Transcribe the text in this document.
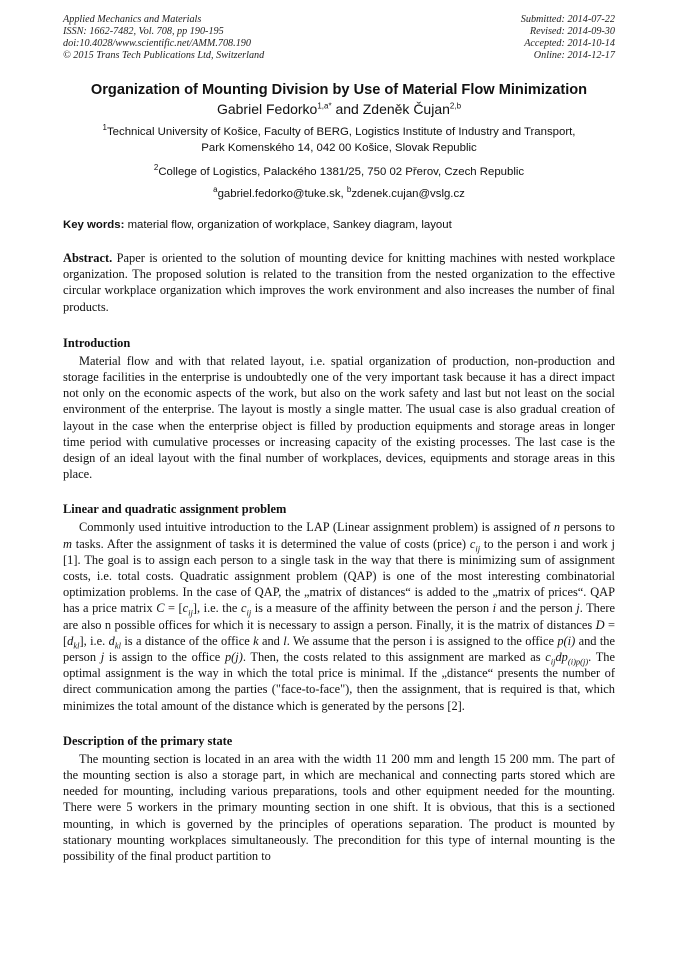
Applied Mechanics and Materials
ISSN: 1662-7482, Vol. 708, pp 190-195
doi:10.4028/www.scientific.net/AMM.708.190
© 2015 Trans Tech Publications Ltd, Switzerland
Submitted: 2014-07-22
Revised: 2014-09-30
Accepted: 2014-10-14
Online: 2014-12-17
Organization of Mounting Division by Use of Material Flow Minimization
Gabriel Fedorko$^{1,a*}$ and Zdeněk Čujan$^{2,b}$
$^1$Technical University of Košice, Faculty of BERG, Logistics Institute of Industry and Transport,
Park Komenského 14, 042 00 Košice, Slovak Republic
$^2$College of Logistics, Palackého 1381/25, 750 02 Přerov, Czech Republic
$^a$gabriel.fedorko@tuke.sk, $^b$zdenek.cujan@vslg.cz
Key words: material flow, organization of workplace, Sankey diagram, layout
Abstract. Paper is oriented to the solution of mounting device for knitting machines with nested workplace organization. The proposed solution is related to the transition from the nested organization to the effective circular workplace organization which improves the work environment and also increases the number of final products.
Introduction

Material flow and with that related layout, i.e. spatial organization of production, non-production and storage facilities in the enterprise is undoubtedly one of the very important task because it has a direct impact not only on the economic aspects of the work, but also on the work safety and last but not least on the social environment of the enterprise. The layout is mostly a single matter. The usual case is also gradual creation of layout in the case when the enterprise object is filled by production equipments and storage areas in longer time period with cumulative processes or increasing capacity of the existing processes. The last case is the design of an ideal layout with the final number of workplaces, devices, equipments and storage areas in this place.

Linear and quadratic assignment problem

Commonly used intuitive introduction to the LAP (Linear assignment problem) is assigned of n persons to m tasks. After the assignment of tasks it is determined the value of costs (price) $c_{ij}$ to the person i and work j [1]. The goal is to assign each person to a single task in the way that there is minimizing sum of assignment costs, i.e. total costs. Quadratic assignment problem (QAP) is one of the most interesting combinatorial optimization problems. In the case of QAP, the „matrix of distances“ is added to the „matrix of prices“. QAP has a price matrix $C = [c_{ij}]$, i.e. the $c_{ij}$ is a measure of the affinity between the person i and the person j. There are also n possible offices for which it is necessary to assign a person. Finally, it is the matrix of distances $D = [d_{kl}]$, i.e. $d_{kl}$ is a distance of the office k and l. We assume that the person i is assigned to the office p(i) and the person j is assign to the office p(j). Then, the costs related to this assignment are marked as $c_{ij}dp_{(i)p(j)}$. The optimal assignment is the way in which the total price is minimal. If the „distance“ presents the number of direct communication among the parties ("face-to-face"), then the assignment, that is required is that, which minimizes the total amount of the distance which is generated by the persons [2].

Description of the primary state

The mounting section is located in an area with the width 11 200 mm and length 15 200 mm. The part of the mounting section is also a storage part, in which are mechanical and connecting parts stored which are needed for mounting, including various preparations, tools and other equipment needed for the mounting. There were 5 workers in the primary mounting section in one shift. It is obvious, that this is a sectioned mounting, in which is governed by the principles of operations separation. The product is mounted by stationary mounting workplaces simultaneously. The precondition for this type of internal mounting is the possibility of the final product partition to
